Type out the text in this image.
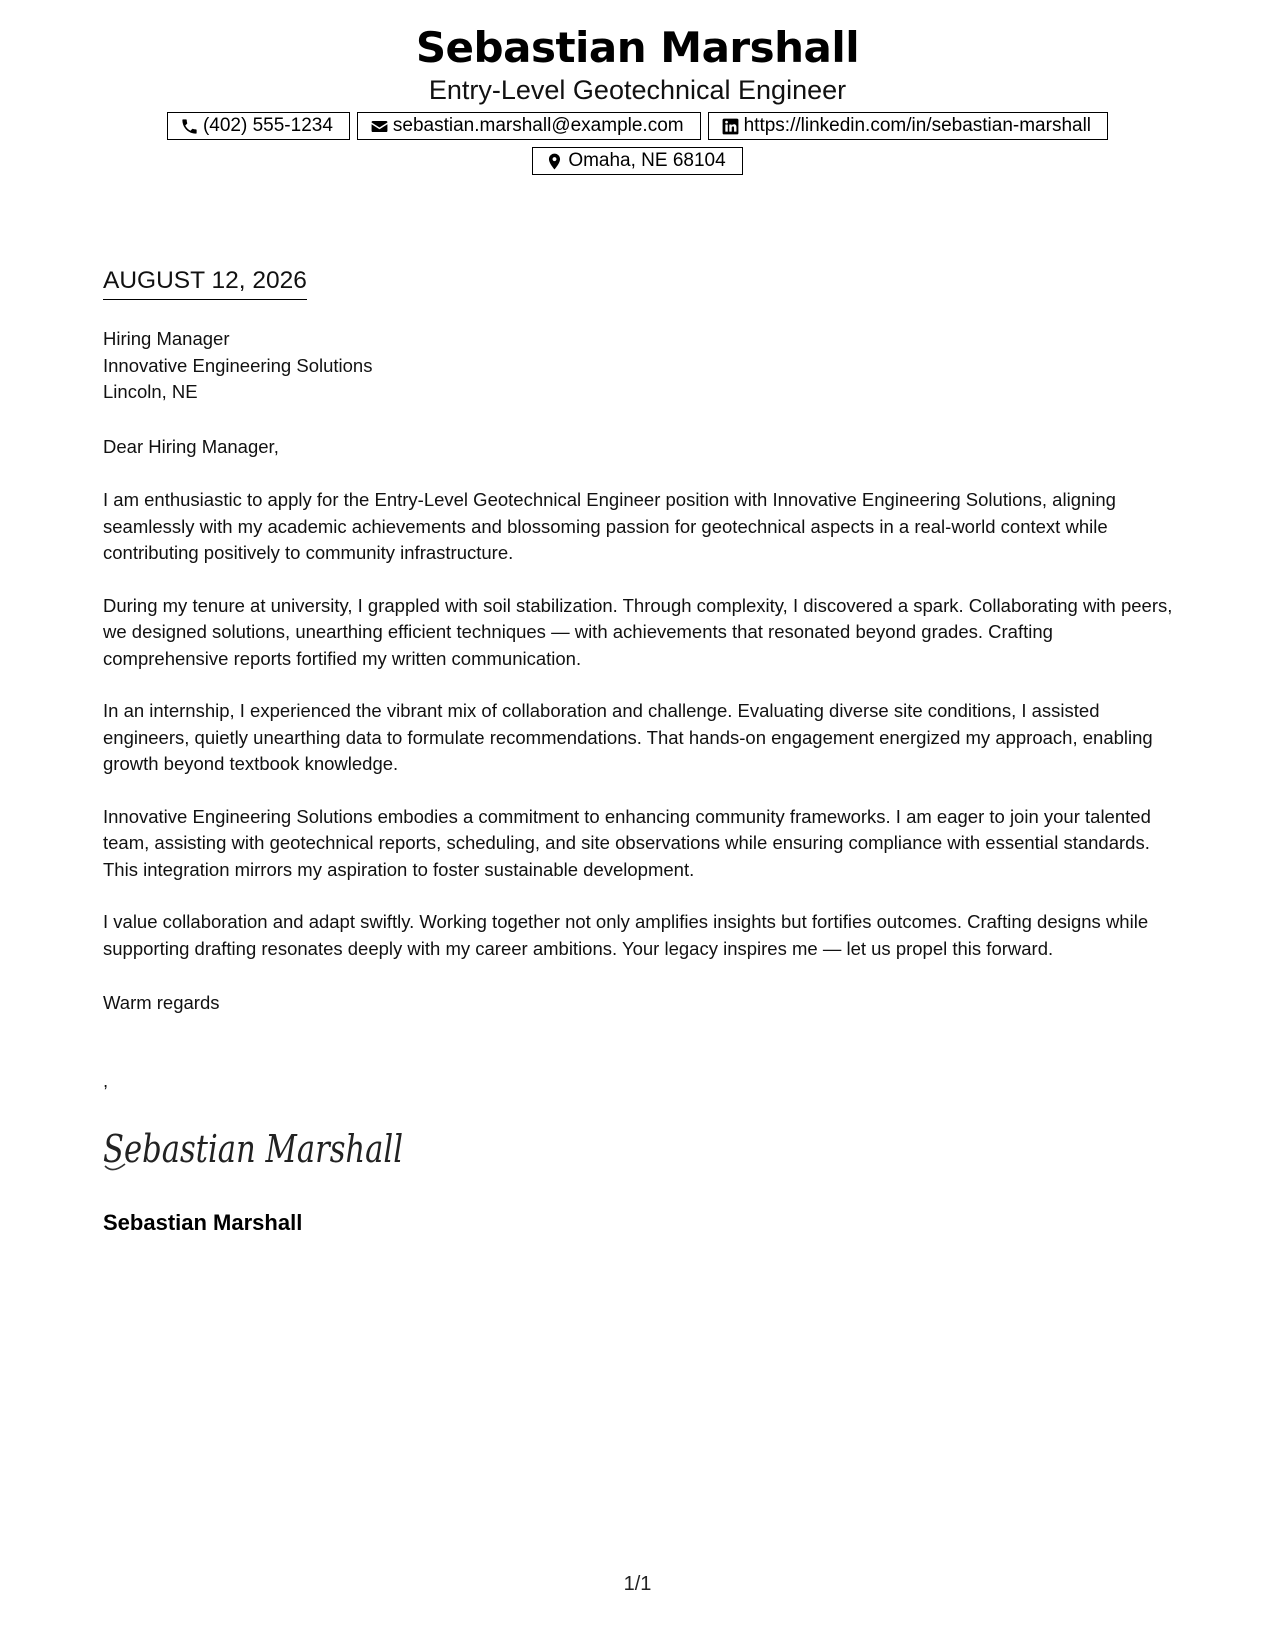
Sebastian Marshall
Entry-Level Geotechnical Engineer
(402) 555-1234	sebastian.marshall@example.com	https://linkedin.com/in/sebastian-marshall
Omaha, NE 68104
AUGUST 12, 2026
Hiring Manager
Innovative Engineering Solutions
Lincoln, NE
Dear Hiring Manager,

I am enthusiastic to apply for the Entry-Level Geotechnical Engineer position with Innovative Engineering Solutions, aligning seamlessly with my academic achievements and blossoming passion for geotechnical aspects in a real-world context while contributing positively to community infrastructure.

During my tenure at university, I grappled with soil stabilization. Through complexity, I discovered a spark. Collaborating with peers, we designed solutions, unearthing efficient techniques — with achievements that resonated beyond grades. Crafting comprehensive reports fortified my written communication.

In an internship, I experienced the vibrant mix of collaboration and challenge. Evaluating diverse site conditions, I assisted engineers, quietly unearthing data to formulate recommendations. That hands-on engagement energized my approach, enabling growth beyond textbook knowledge.

Innovative Engineering Solutions embodies a commitment to enhancing community frameworks. I am eager to join your talented team, assisting with geotechnical reports, scheduling, and site observations while ensuring compliance with essential standards. This integration mirrors my aspiration to foster sustainable development.

I value collaboration and adapt swiftly. Working together not only amplifies insights but fortifies outcomes. Crafting designs while supporting drafting resonates deeply with my career ambitions. Your legacy inspires me — let us propel this forward.

Warm regards
,
Sebastian Marshall
Sebastian Marshall
1/1
